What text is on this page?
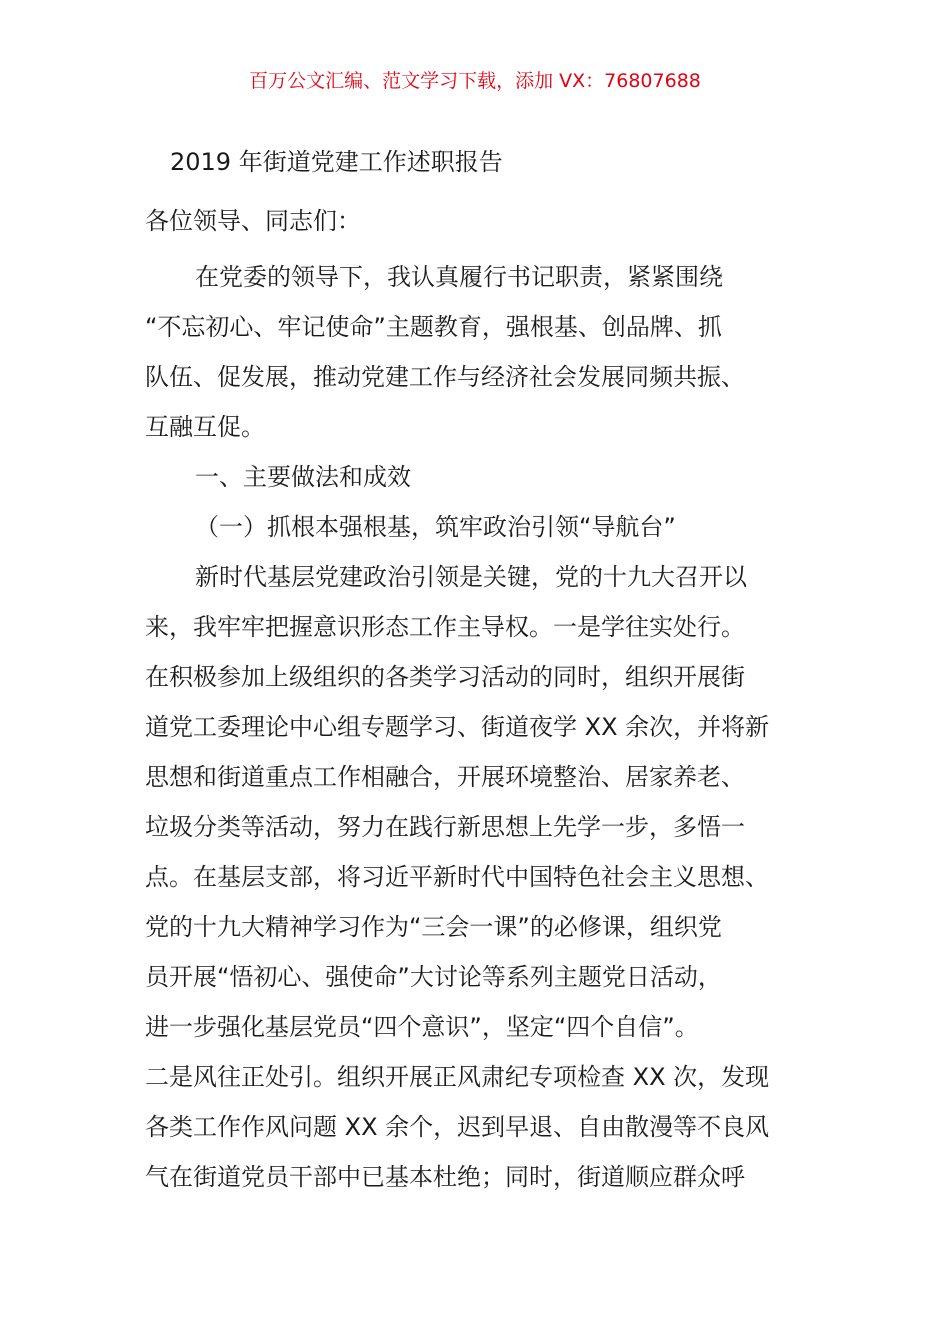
百万公文汇编、范文学习下载，添加 VX：76807688
2019 年街道党建工作述职报告
各位领导、同志们：
在党委的领导下，我认真履行书记职责，紧紧围绕
“不忘初心、牢记使命”主题教育，强根基、创品牌、抓
队伍、促发展，推动党建工作与经济社会发展同频共振、
互融互促。
一、主要做法和成效
（一）抓根本强根基，筑牢政治引领“导航台”
新时代基层党建政治引领是关键，党的十九大召开以
来，我牢牢把握意识形态工作主导权。一是学往实处行。
在积极参加上级组织的各类学习活动的同时，组织开展街
道党工委理论中心组专题学习、街道夜学 XX 余次，并将新
思想和街道重点工作相融合，开展环境整治、居家养老、
垃圾分类等活动，努力在践行新思想上先学一步，多悟一
点。在基层支部，将习近平新时代中国特色社会主义思想、
党的十九大精神学习作为“三会一课”的必修课，组织党
员开展“悟初心、强使命”大讨论等系列主题党日活动，
进一步强化基层党员“四个意识”，坚定“四个自信”。
二是风往正处引。组织开展正风肃纪专项检查 XX 次，发现
各类工作作风问题 XX 余个，迟到早退、自由散漫等不良风
气在街道党员干部中已基本杜绝；同时，街道顺应群众呼
